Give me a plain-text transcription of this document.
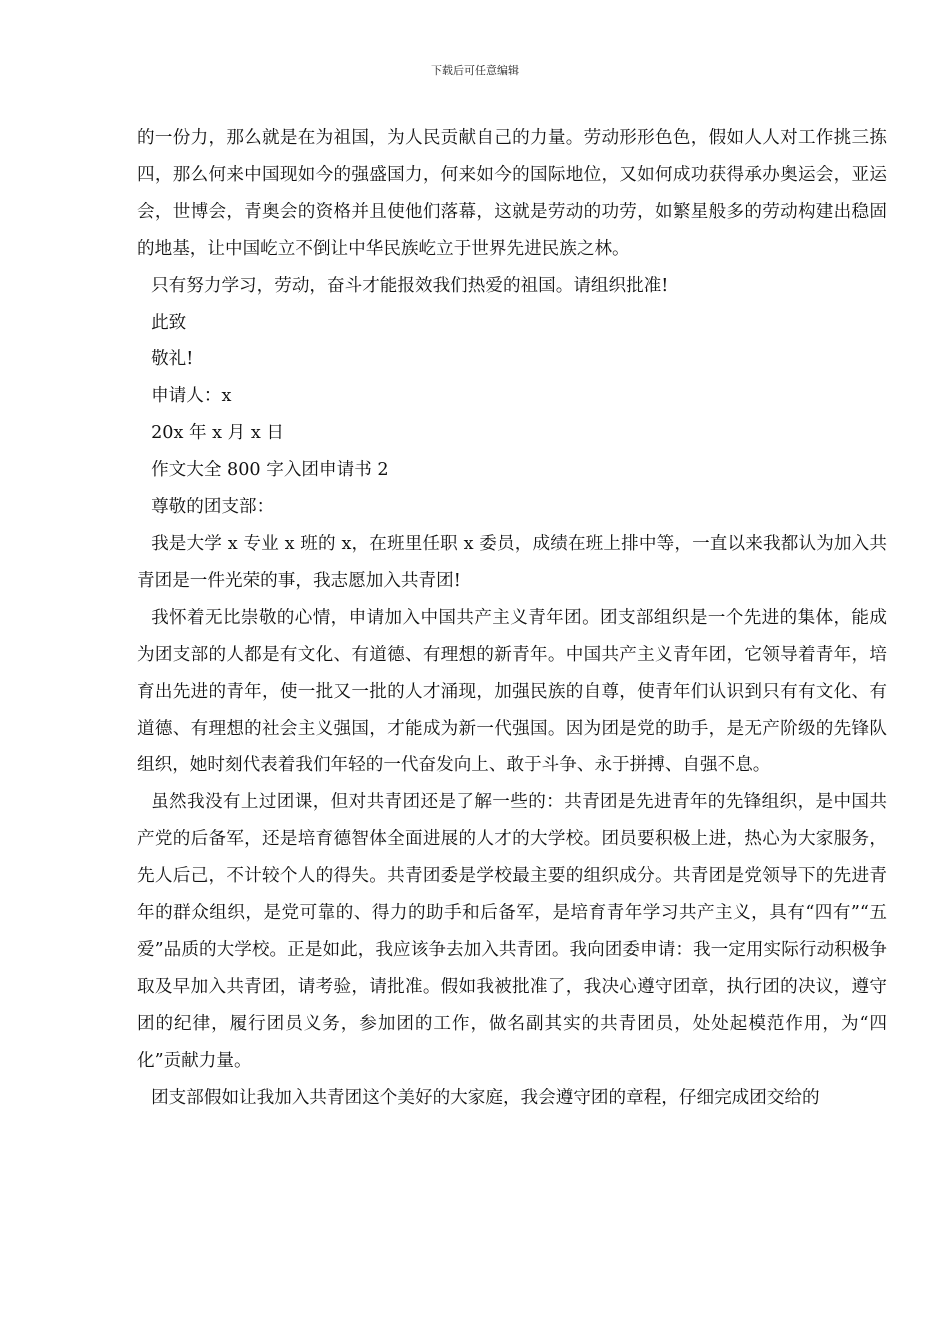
下载后可任意编辑

的一份力，那么就是在为祖国，为人民贡献自己的力量。劳动形形色色，假如人人对工作挑三拣四，那么何来中国现如今的强盛国力，何来如今的国际地位，又如何成功获得承办奥运会，亚运会，世博会，青奥会的资格并且使他们落幕，这就是劳动的功劳，如繁星般多的劳动构建出稳固的地基，让中国屹立不倒让中华民族屹立于世界先进民族之林。

只有努力学习，劳动，奋斗才能报效我们热爱的祖国。请组织批准!

此致

敬礼!

申请人：x

20x 年 x 月 x 日

作文大全 800 字入团申请书 2

尊敬的团支部：

我是大学 x 专业 x 班的 x，在班里任职 x 委员，成绩在班上排中等，一直以来我都认为加入共青团是一件光荣的事，我志愿加入共青团!

我怀着无比崇敬的心情，申请加入中国共产主义青年团。团支部组织是一个先进的集体，能成为团支部的人都是有文化、有道德、有理想的新青年。中国共产主义青年团，它领导着青年，培育出先进的青年，使一批又一批的人才涌现，加强民族的自尊，使青年们认识到只有有文化、有道德、有理想的社会主义强国，才能成为新一代强国。因为团是党的助手，是无产阶级的先锋队组织，她时刻代表着我们年轻的一代奋发向上、敢于斗争、永于拼搏、自强不息。

虽然我没有上过团课，但对共青团还是了解一些的：共青团是先进青年的先锋组织，是中国共产党的后备军，还是培育德智体全面进展的人才的大学校。团员要积极上进，热心为大家服务，先人后己，不计较个人的得失。共青团委是学校最主要的组织成分。共青团是党领导下的先进青年的群众组织，是党可靠的、得力的助手和后备军，是培育青年学习共产主义，具有“四有”“五爱”品质的大学校。正是如此，我应该争去加入共青团。我向团委申请：我一定用实际行动积极争取及早加入共青团，请考验，请批准。假如我被批准了，我决心遵守团章，执行团的决议，遵守团的纪律，履行团员义务，参加团的工作，做名副其实的共青团员，处处起模范作用，为“四化”贡献力量。

团支部假如让我加入共青团这个美好的大家庭，我会遵守团的章程，仔细完成团交给的
